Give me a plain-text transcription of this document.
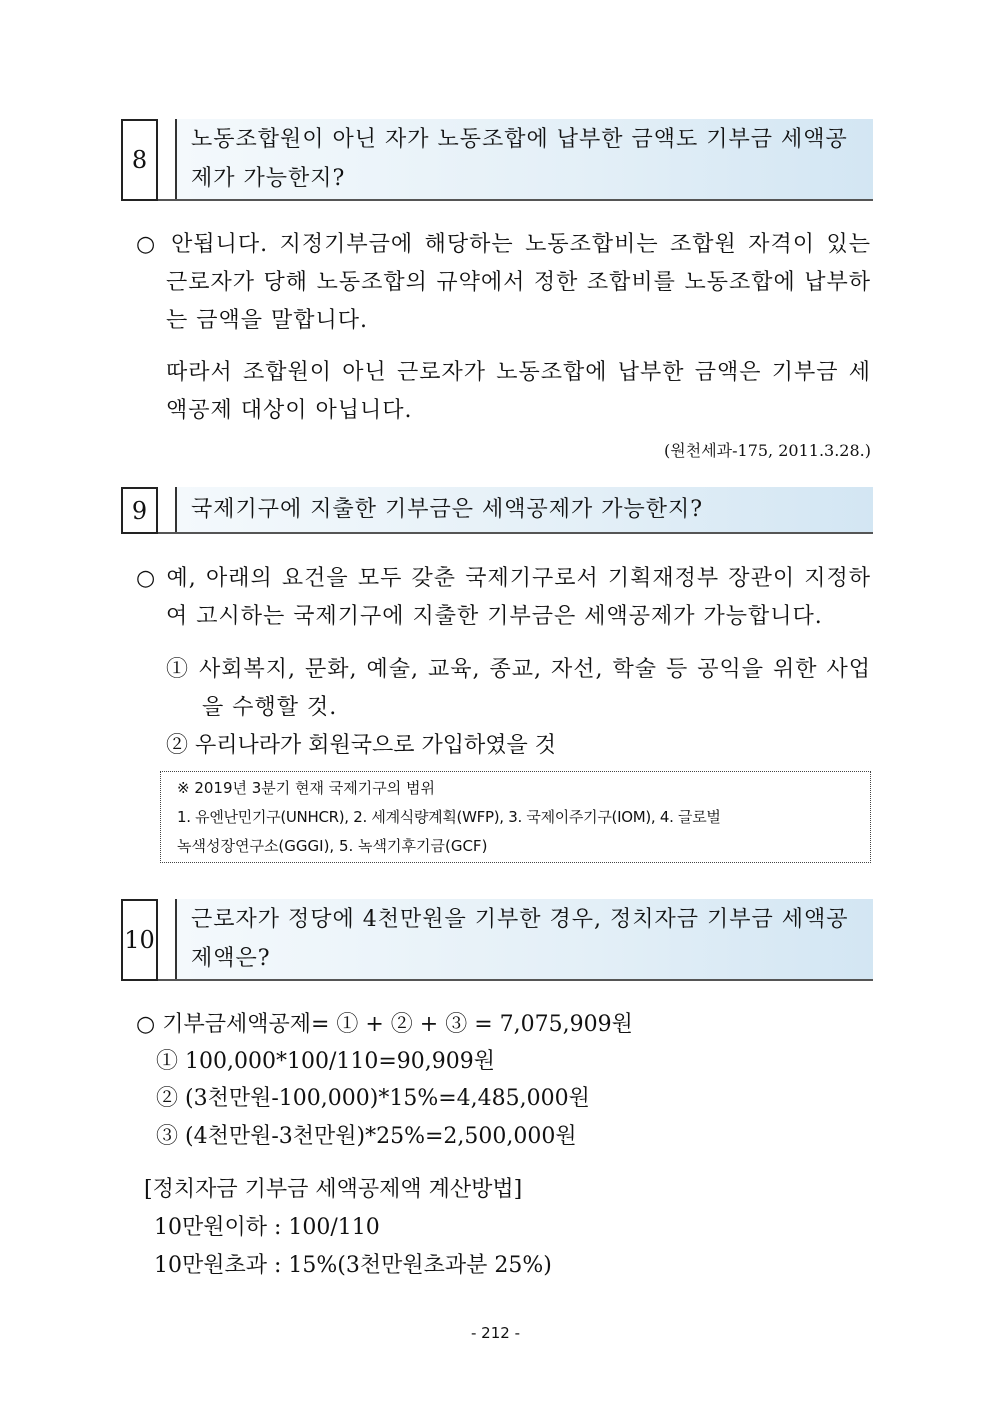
8
노동조합원이 아닌 자가 노동조합에 납부한 금액도 기부금 세액공제가 가능한지?
○ 안됩니다. 지정기부금에 해당하는 노동조합비는 조합원 자격이 있는 근로자가 당해 노동조합의 규약에서 정한 조합비를 노동조합에 납부하는 금액을 말합니다.
따라서 조합원이 아닌 근로자가 노동조합에 납부한 금액은 기부금 세액공제 대상이 아닙니다.
(원천세과-175, 2011.3.28.)
9	국제기구에 지출한 기부금은 세액공제가 가능한지?
○ 예, 아래의 요건을 모두 갖춘 국제기구로서 기획재정부 장관이 지정하여 고시하는 국제기구에 지출한 기부금은 세액공제가 가능합니다.
① 사회복지, 문화, 예술, 교육, 종교, 자선, 학술 등 공익을 위한 사업을 수행할 것.
② 우리나라가 회원국으로 가입하였을 것
※ 2019년 3분기 현재 국제기구의 범위
1. 유엔난민기구(UNHCR), 2. 세계식량계획(WFP), 3. 국제이주기구(IOM), 4. 글로벌
녹색성장연구소(GGGI), 5. 녹색기후기금(GCF)
10
근로자가 정당에 4천만원을 기부한 경우, 정치자금 기부금 세액공제액은?
○ 기부금세액공제= ① + ② + ③ = 7,075,909원
① 100,000*100/110=90,909원
② (3천만원-100,000)*15%=4,485,000원
③ (4천만원-3천만원)*25%=2,500,000원
[정치자금 기부금 세액공제액 계산방법]
10만원이하 : 100/110
10만원초과 : 15%(3천만원초과분 25%)
- 212 -
